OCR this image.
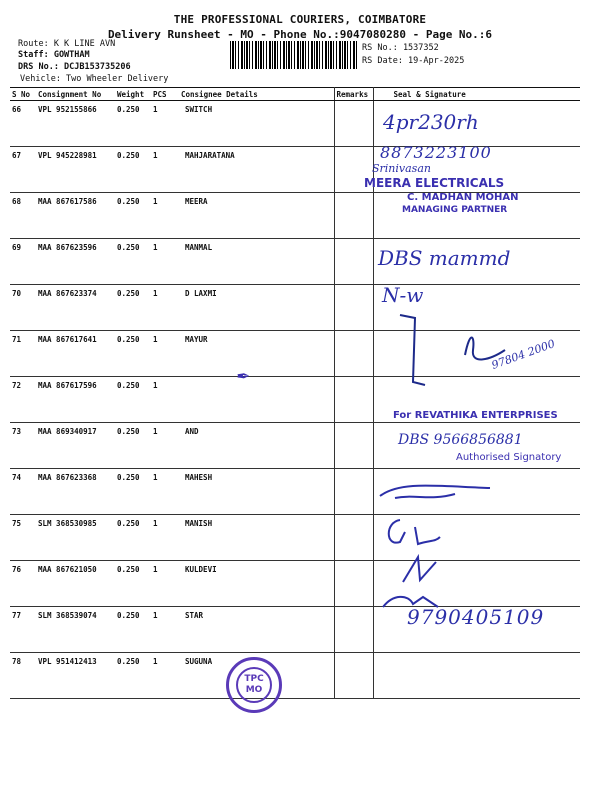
THE PROFESSIONAL COURIERS, COIMBATORE
Delivery Runsheet - MO - Phone No.:9047080280 - Page No.:6
Route: K K LINE AVN
Staff: GOWTHAM
DRS No.: DCJB153735206
Vehicle: Two Wheeler Delivery
RS No.: 1537352
RS Date: 19-Apr-2025
S No	Consignment No	Weight	PCS	Consignee Details	Remarks	Seal & Signature
66	VPL 952155866	0.250	1	SWITCH		
67	VPL 945228981	0.250	1	MAHJARATANA		
68	MAA 867617586	0.250	1	MEERA		
69	MAA 867623596	0.250	1	MANMAL		
70	MAA 867623374	0.250	1	D LAXMI		
71	MAA 867617641	0.250	1	MAYUR		
72	MAA 867617596	0.250	1			
73	MAA 869340917	0.250	1	AND		
74	MAA 867623368	0.250	1	MAHESH		
75	SLM 368530985	0.250	1	MANISH		
76	MAA 867621050	0.250	1	KULDEVI		
77	SLM 368539074	0.250	1	STAR		
78	VPL 951412413	0.250	1	SUGUNA		
4pr230rh
8873223100
Srinivasan
MEERA ELECTRICALS
C. MADHAN MOHAN
MANAGING PARTNER
DBS mammd
N-w
97804 2000
✒
For REVATHIKA ENTERPRISES
DBS 9566856881
Authorised Signatory
9790405109
TPC MO
